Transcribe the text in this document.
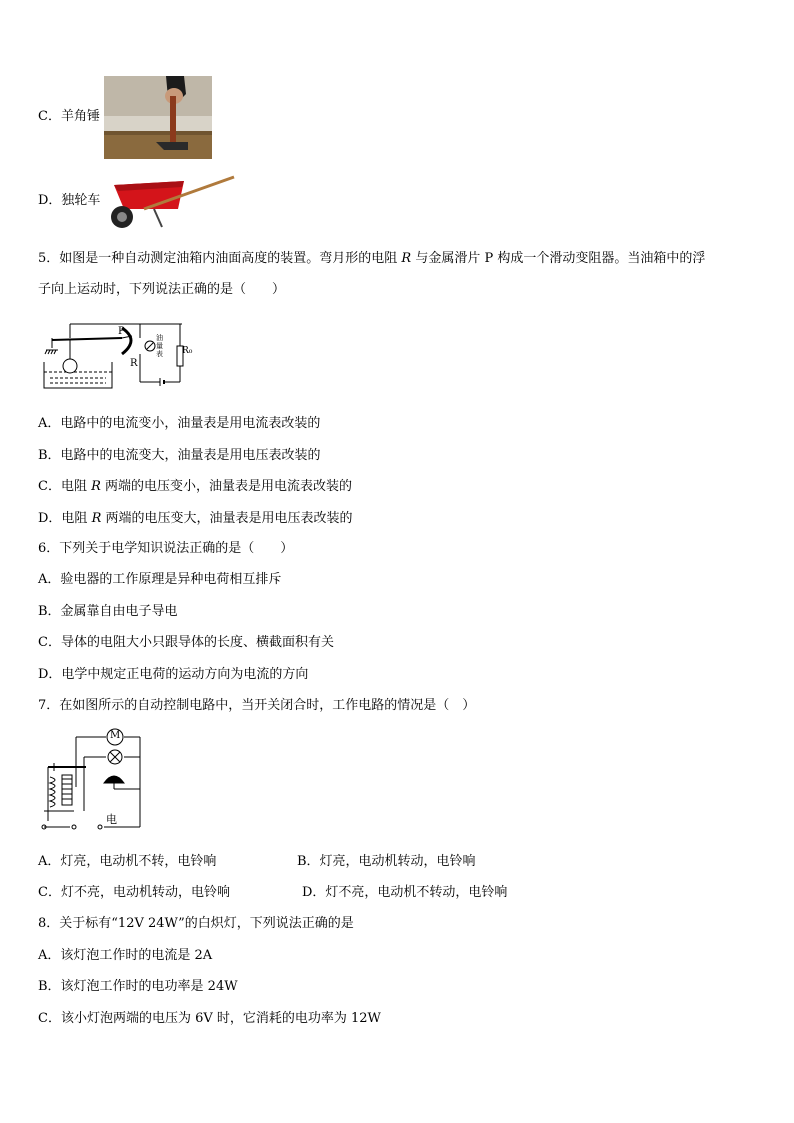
C．羊角锤
D．独轮车
5．如图是一种自动测定油箱内油面高度的装置。弯月形的电阻 R 与金属滑片 P 构成一个滑动变阻器。当油箱中的浮
子向上运动时，下列说法正确的是（　　）
P
R
油量表 R₀
A．电路中的电流变小，油量表是用电流表改装的
B．电路中的电流变大，油量表是用电压表改装的
C．电阻 R 两端的电压变小，油量表是用电流表改装的
D．电阻 R 两端的电压变大，油量表是用电压表改装的
6．下列关于电学知识说法正确的是（　　）
A．验电器的工作原理是异种电荷相互排斥
B．金属靠自由电子导电
C．导体的电阻大小只跟导体的长度、横截面积有关
D．电学中规定正电荷的运动方向为电流的方向
7．在如图所示的自动控制电路中，当开关闭合时，工作电路的情况是（　）
M
电
A．灯亮，电动机不转，电铃响	B．灯亮，电动机转动，电铃响
C．灯不亮，电动机转动，电铃响	D．灯不亮，电动机不转动，电铃响
8．关于标有“12V 24W”的白炽灯，下列说法正确的是
A．该灯泡工作时的电流是 2A
B．该灯泡工作时的电功率是 24W
C．该小灯泡两端的电压为 6V 时，它消耗的电功率为 12W
